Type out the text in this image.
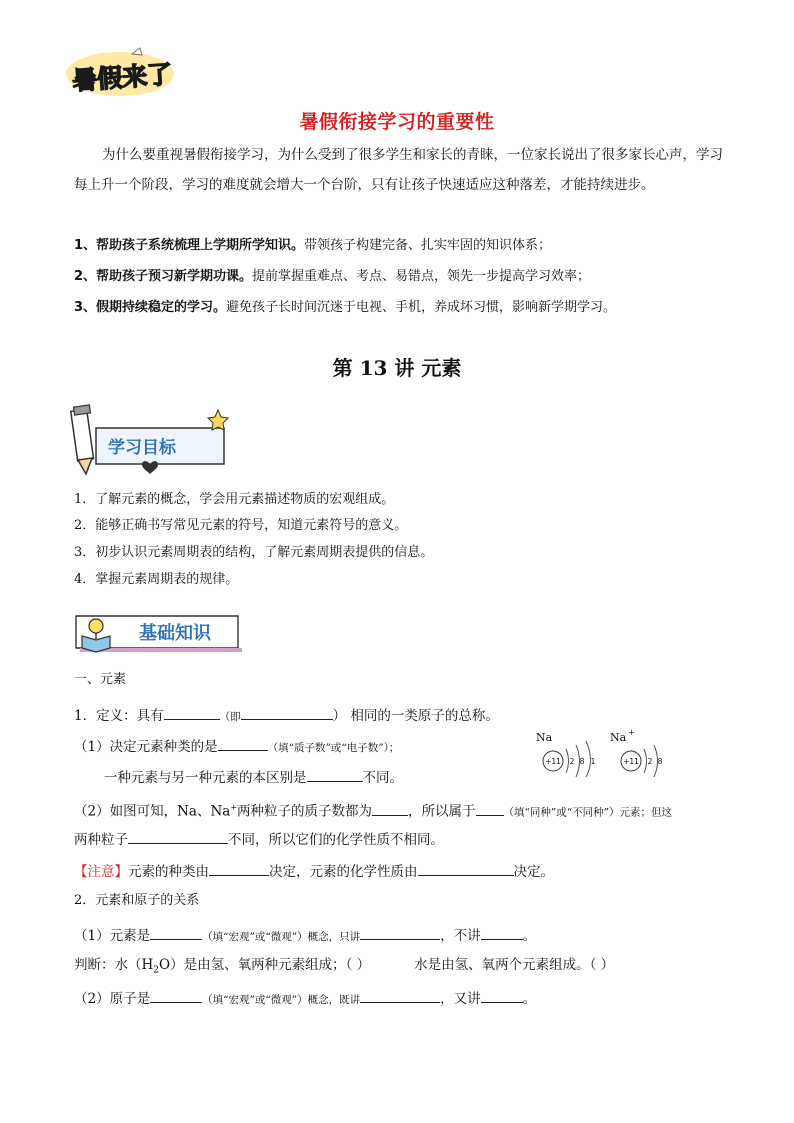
暑假来了
暑假衔接学习的重要性
为什么要重视暑假衔接学习，为什么受到了很多学生和家长的青睐，一位家长说出了很多家长心声，学习每上升一个阶段，学习的难度就会增大一个台阶，只有让孩子快速适应这种落差，才能持续进步。
1、帮助孩子系统梳理上学期所学知识。带领孩子构建完备、扎实牢固的知识体系；
2、帮助孩子预习新学期功课。提前掌握重难点、考点、易错点，领先一步提高学习效率；
3、假期持续稳定的学习。避免孩子长时间沉迷于电视、手机，养成坏习惯，影响新学期学习。
第 13 讲 元素
学习目标
1．了解元素的概念，学会用元素描述物质的宏观组成。
2．能够正确书写常见元素的符号，知道元素符号的意义。
3．初步认识元素周期表的结构，了解元素周期表提供的信息。
4．掌握元素周期表的规律。
基础知识
一、元素
1．定义：具有	（即	） 相同的一类原子的总称。
（1）决定元素种类的是	（填“质子数”或“电子数”）；
一种元素与另一种元素的本区别是	不同。
（2）如图可知，Na、Na+两种粒子的质子数都为	，所以属于	（填“同种”或“不同种”）元素；但这
两种粒子	不同，所以它们的化学性质不相同。
【注意】元素的种类由	决定，元素的化学性质由	决定。
2．元素和原子的关系
（1）元素是	（填“宏观”或“微观”）概念，只讲	，不讲	。
判断：水$(H_2O)$是由氢、氧两种元素组成；（ ）	水是由氢、氧两个元素组成。（ ）
（2）原子是	（填“宏观”或“微观”）概念，既讲	，又讲	。
Na
+11 2 8 1
Na +
+11 2 8
